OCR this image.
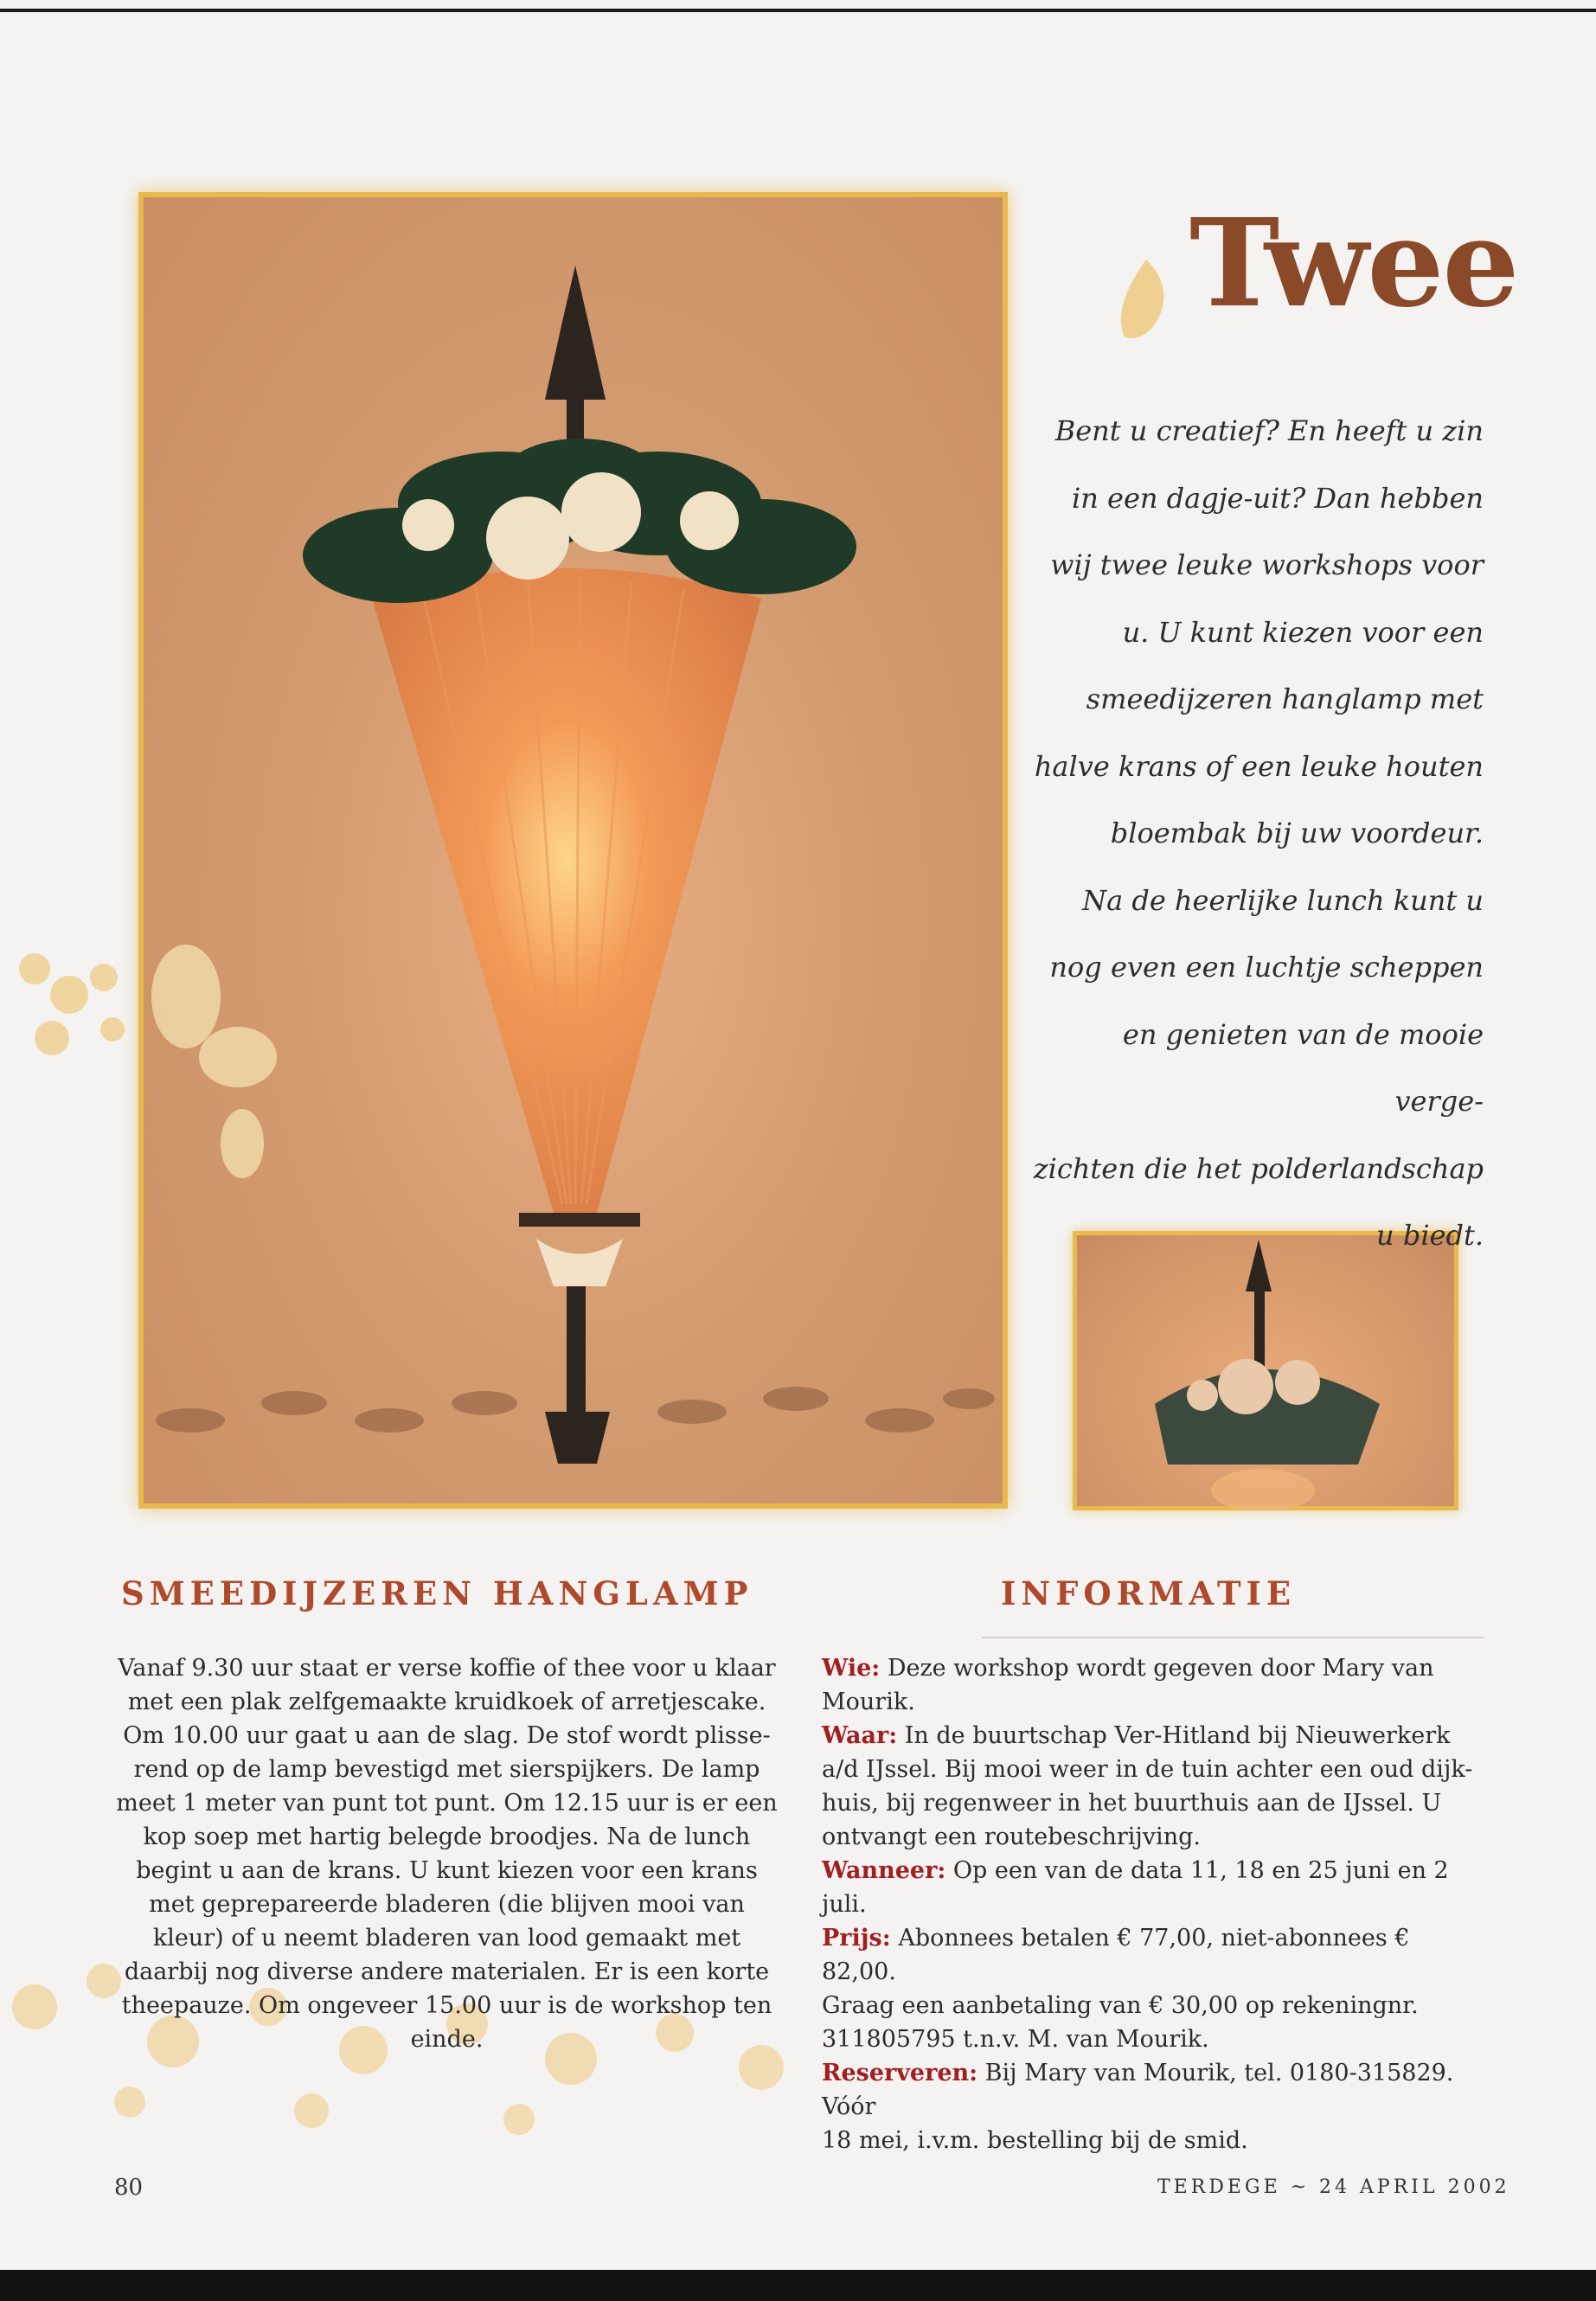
Twee
Bent u creatief? En heeft u zin
in een dagje-uit? Dan hebben
wij twee leuke workshops voor
u. U kunt kiezen voor een
smeedijzeren hanglamp met
halve krans of een leuke houten
bloembak bij uw voordeur.
Na de heerlijke lunch kunt u
nog even een luchtje scheppen
en genieten van de mooie verge-
zichten die het polderlandschap
u biedt.
SMEEDIJZEREN HANGLAMP	INFORMATIE

Vanaf 9.30 uur staat er verse koffie of thee voor u klaar

met een plak zelfgemaakte kruidkoek of arretjescake.

Om 10.00 uur gaat u aan de slag. De stof wordt plisse-

rend op de lamp bevestigd met sierspijkers. De lamp

meet 1 meter van punt tot punt. Om 12.15 uur is er een

kop soep met hartig belegde broodjes. Na de lunch

begint u aan de krans. U kunt kiezen voor een krans

met geprepareerde bladeren (die blijven mooi van

kleur) of u neemt bladeren van lood gemaakt met

daarbij nog diverse andere materialen. Er is een korte

theepauze. Om ongeveer 15.00 uur is de workshop ten

einde.

Wie: Deze workshop wordt gegeven door Mary van

Mourik.

Waar: In de buurtschap Ver-Hitland bij Nieuwerkerk

a/d IJssel. Bij mooi weer in de tuin achter een oud dijk-

huis, bij regenweer in het buurthuis aan de IJssel. U

ontvangt een routebeschrijving.

Wanneer: Op een van de data 11, 18 en 25 juni en 2

juli.

Prijs: Abonnees betalen € 77,00, niet-abonnees € 82,00.

Graag een aanbetaling van € 30,00 op rekeningnr.

311805795 t.n.v. M. van Mourik.

Reserveren: Bij Mary van Mourik, tel. 0180-315829. Vóór

18 mei, i.v.m. bestelling bij de smid.

80	TERDEGE ~ 24 APRIL 2002
